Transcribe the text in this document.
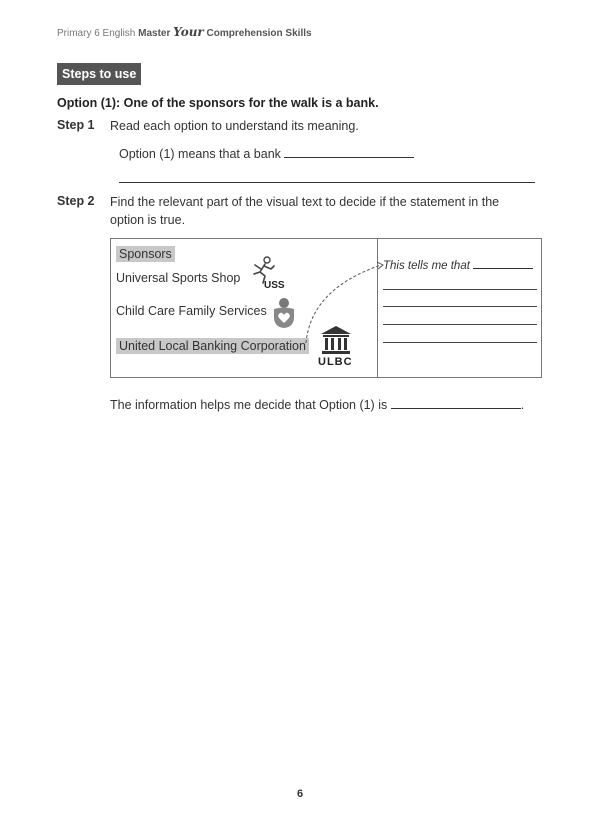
Primary 6 English Master Your Comprehension Skills
Steps to use
Option (1): One of the sponsors for the walk is a bank.
Step 1 Read each option to understand its meaning.
Option (1) means that a bank
Step 2 Find the relevant part of the visual text to decide if the statement in the option is true.
Sponsors
Universal Sports Shop
USS
Child Care Family Services
United Local Banking Corporation
ULBC
This tells me that
The information helps me decide that Option (1) is	.
6
